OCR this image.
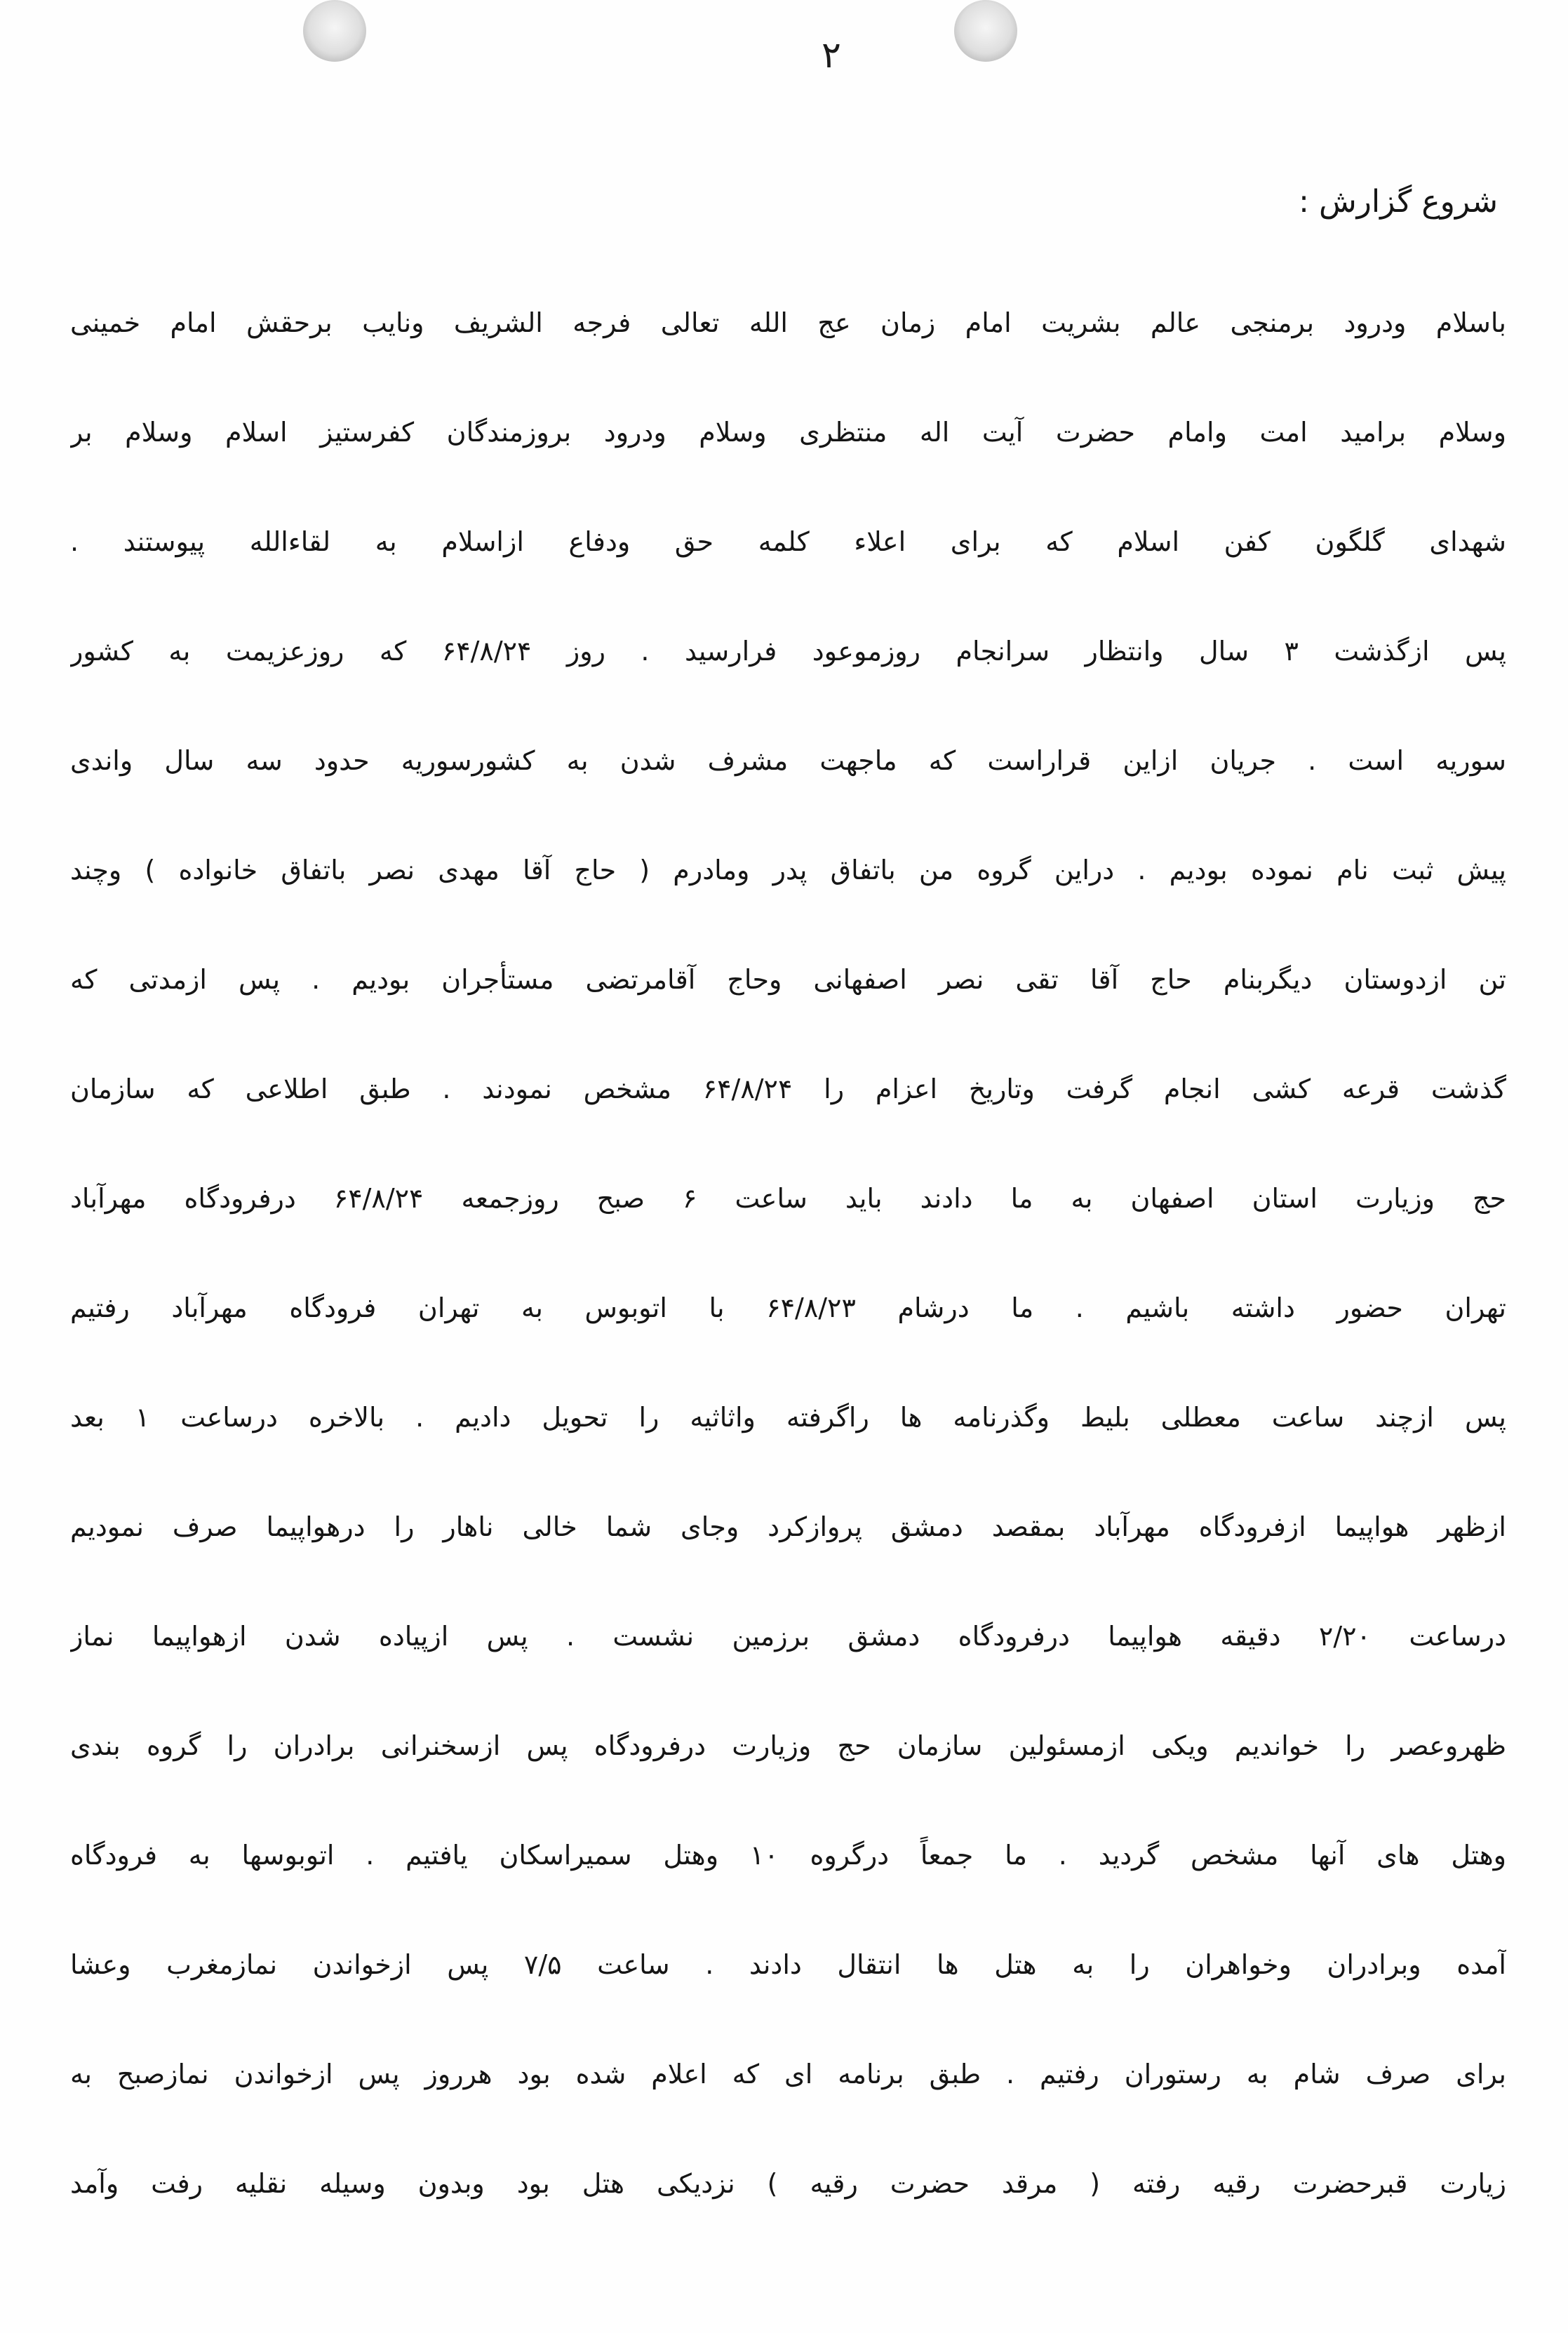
۲
شروع گزارش :
باسلام ودرود برمنجی عالم بشریت امام زمان عج الله تعالی فرجه الشریف ونایب برحقش امام خمینی
وسلام برامید امت وامام حضرت آیت اله منتظری وسلام ودرود بروزمندگان کفرستیز اسلام وسلام بر
شهدای گلگون کفن اسلام که برای اعلاء کلمه حق ودفاع ازاسلام به لقاءالله پیوستند .
پس ازگذشت ۳ سال وانتظار سرانجام روزموعود فرارسید . روز ۶۴/۸/۲۴ که روزعزیمت به کشور
سوریه است . جریان ازاین قراراست که ماجهت مشرف شدن به کشورسوریه حدود سه سال واندی
پیش ثبت نام نموده بودیم . دراین گروه من باتفاق پدر ومادرم ( حاج آقا مهدی نصر باتفاق خانواده ) وچند
تن ازدوستان دیگربنام حاج آقا تقی نصر اصفهانی وحاج آقامرتضی مستأجران بودیم . پس ازمدتی که
گذشت قرعه کشی انجام گرفت وتاریخ اعزام را ۶۴/۸/۲۴ مشخص نمودند . طبق اطلاعی که سازمان
حج وزیارت استان اصفهان به ما دادند باید ساعت ۶ صبح روزجمعه ۶۴/۸/۲۴ درفرودگاه مهرآباد
تهران حضور داشته باشیم . ما درشام ۶۴/۸/۲۳ با اتوبوس به تهران فرودگاه مهرآباد رفتیم
پس ازچند ساعت معطلی بلیط وگذرنامه ها راگرفته واثاثیه را تحویل دادیم . بالاخره درساعت ۱ بعد
ازظهر هواپیما ازفرودگاه مهرآباد بمقصد دمشق پروازکرد وجای شما خالی ناهار را درهواپیما صرف نمودیم
درساعت ۲/۲۰ دقیقه هواپیما درفرودگاه دمشق برزمین نشست . پس ازپیاده شدن ازهواپیما نماز
ظهروعصر را خواندیم ویکی ازمسئولین سازمان حج وزیارت درفرودگاه پس ازسخنرانی برادران را گروه بندی
وهتل های آنها مشخص گردید . ما جمعاً درگروه ۱۰ وهتل سمیراسکان یافتیم . اتوبوسها به فرودگاه
آمده وبرادران وخواهران را به هتل ها انتقال دادند . ساعت ۷/۵ پس ازخواندن نمازمغرب وعشا
برای صرف شام به رستوران رفتیم . طبق برنامه ای که اعلام شده بود هرروز پس ازخواندن نمازصبح به
زیارت قبرحضرت رقیه رفته ( مرقد حضرت رقیه ) نزدیکی هتل بود وبدون وسیله نقلیه رفت وآمد
